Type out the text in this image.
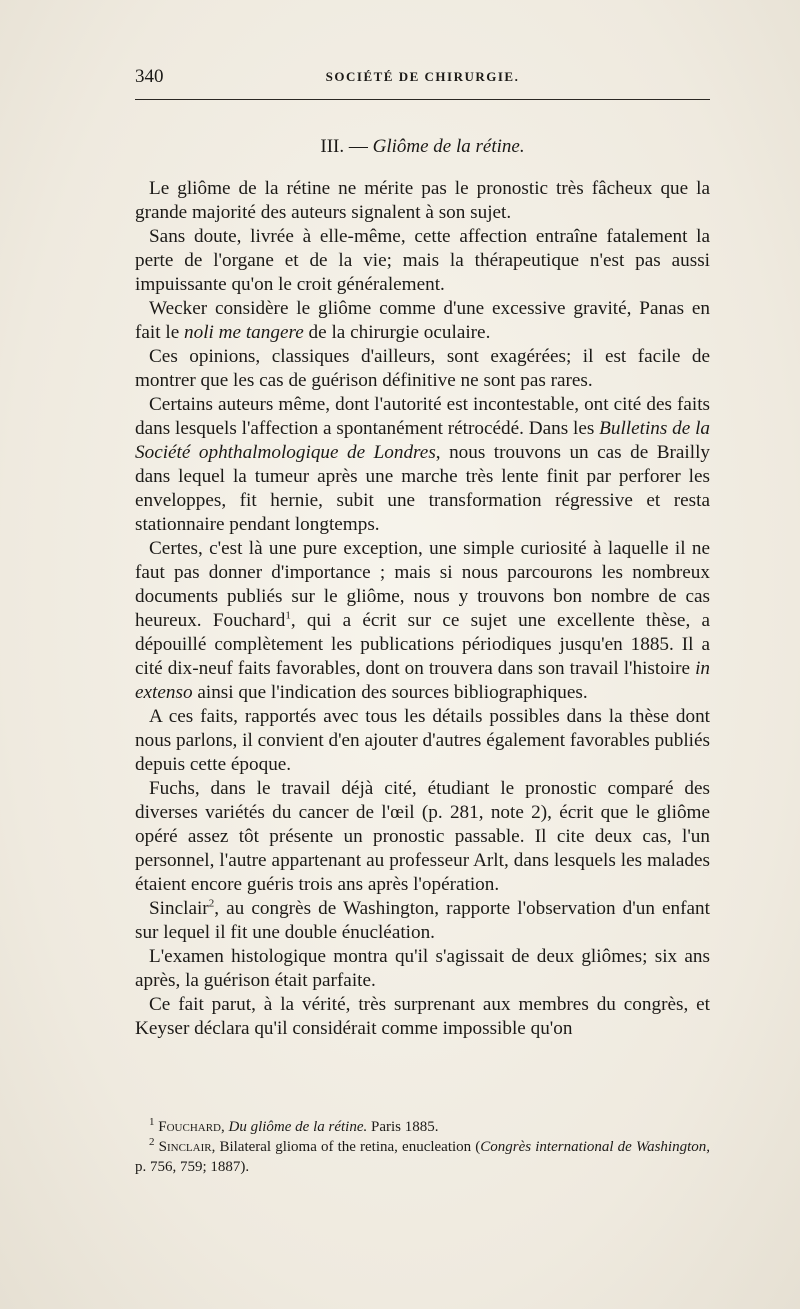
340	SOCIÉTÉ DE CHIRURGIE.
III. — Gliôme de la rétine.

Le gliôme de la rétine ne mérite pas le pronostic très fâcheux que la grande majorité des auteurs signalent à son sujet.

Sans doute, livrée à elle-même, cette affection entraîne fatalement la perte de l'organe et de la vie; mais la thérapeutique n'est pas aussi impuissante qu'on le croit généralement.

Wecker considère le gliôme comme d'une excessive gravité, Panas en fait le noli me tangere de la chirurgie oculaire.

Ces opinions, classiques d'ailleurs, sont exagérées; il est facile de montrer que les cas de guérison définitive ne sont pas rares.

Certains auteurs même, dont l'autorité est incontestable, ont cité des faits dans lesquels l'affection a spontanément rétrocédé. Dans les Bulletins de la Société ophthalmologique de Londres, nous trouvons un cas de Brailly dans lequel la tumeur après une marche très lente finit par perforer les enveloppes, fit hernie, subit une transformation régressive et resta stationnaire pendant longtemps.

Certes, c'est là une pure exception, une simple curiosité à laquelle il ne faut pas donner d'importance ; mais si nous parcourons les nombreux documents publiés sur le gliôme, nous y trouvons bon nombre de cas heureux. Fouchard$^1$, qui a écrit sur ce sujet une excellente thèse, a dépouillé complètement les publications périodiques jusqu'en 1885. Il a cité dix-neuf faits favorables, dont on trouvera dans son travail l'histoire in extenso ainsi que l'indication des sources bibliographiques.

A ces faits, rapportés avec tous les détails possibles dans la thèse dont nous parlons, il convient d'en ajouter d'autres également favorables publiés depuis cette époque.

Fuchs, dans le travail déjà cité, étudiant le pronostic comparé des diverses variétés du cancer de l'œil (p. 281, note 2), écrit que le gliôme opéré assez tôt présente un pronostic passable. Il cite deux cas, l'un personnel, l'autre appartenant au professeur Arlt, dans lesquels les malades étaient encore guéris trois ans après l'opération.

Sinclair$^2$, au congrès de Washington, rapporte l'observation d'un enfant sur lequel il fit une double énucléation.

L'examen histologique montra qu'il s'agissait de deux gliômes; six ans après, la guérison était parfaite.

Ce fait parut, à la vérité, très surprenant aux membres du congrès, et Keyser déclara qu'il considérait comme impossible qu'on

$^1$ Fouchard, Du gliôme de la rétine. Paris 1885.

$^2$ Sinclair, Bilateral glioma of the retina, enucleation (Congrès international de Washington, p. 756, 759; 1887).
